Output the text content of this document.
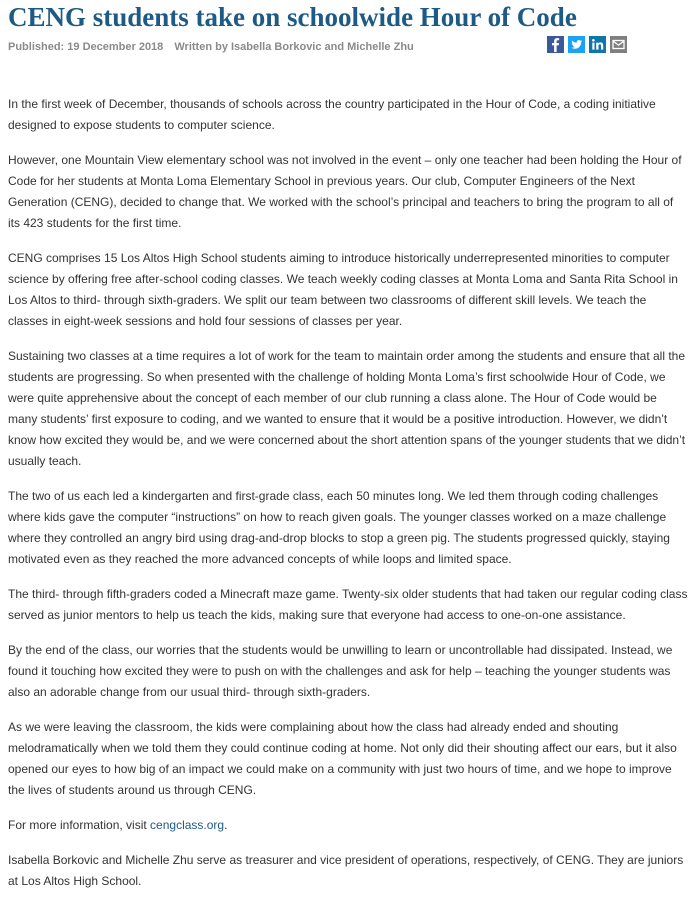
CENG students take on schoolwide Hour of Code
Published: 19 December 2018 Written by Isabella Borkovic and Michelle Zhu

In the first week of December, thousands of schools across the country participated in the Hour of Code, a coding initiative designed to expose students to computer science.

However, one Mountain View elementary school was not involved in the event – only one teacher had been holding the Hour of Code for her students at Monta Loma Elementary School in previous years. Our club, Computer Engineers of the Next Generation (CENG), decided to change that. We worked with the school’s principal and teachers to bring the program to all of its 423 students for the first time.

CENG comprises 15 Los Altos High School students aiming to introduce historically underrepresented minorities to computer science by offering free after-school coding classes. We teach weekly coding classes at Monta Loma and Santa Rita School in Los Altos to third- through sixth-graders. We split our team between two classrooms of different skill levels. We teach the classes in eight-week sessions and hold four sessions of classes per year.

Sustaining two classes at a time requires a lot of work for the team to maintain order among the students and ensure that all the students are progressing. So when presented with the challenge of holding Monta Loma’s first schoolwide Hour of Code, we were quite apprehensive about the concept of each member of our club running a class alone. The Hour of Code would be many students’ first exposure to coding, and we wanted to ensure that it would be a positive introduction. However, we didn’t know how excited they would be, and we were concerned about the short attention spans of the younger students that we didn’t usually teach.

The two of us each led a kindergarten and first-grade class, each 50 minutes long. We led them through coding challenges where kids gave the computer “instructions” on how to reach given goals. The younger classes worked on a maze challenge where they controlled an angry bird using drag-and-drop blocks to stop a green pig. The students progressed quickly, staying motivated even as they reached the more advanced concepts of while loops and limited space.

The third- through fifth-graders coded a Minecraft maze game. Twenty-six older students that had taken our regular coding class served as junior mentors to help us teach the kids, making sure that everyone had access to one-on-one assistance.

By the end of the class, our worries that the students would be unwilling to learn or uncontrollable had dissipated. Instead, we found it touching how excited they were to push on with the challenges and ask for help – teaching the younger students was also an adorable change from our usual third- through sixth-graders.

As we were leaving the classroom, the kids were complaining about how the class had already ended and shouting melodramatically when we told them they could continue coding at home. Not only did their shouting affect our ears, but it also opened our eyes to how big of an impact we could make on a community with just two hours of time, and we hope to improve the lives of students around us through CENG.

For more information, visit cengclass.org.

Isabella Borkovic and Michelle Zhu serve as treasurer and vice president of operations, respectively, of CENG. They are juniors at Los Altos High School.
